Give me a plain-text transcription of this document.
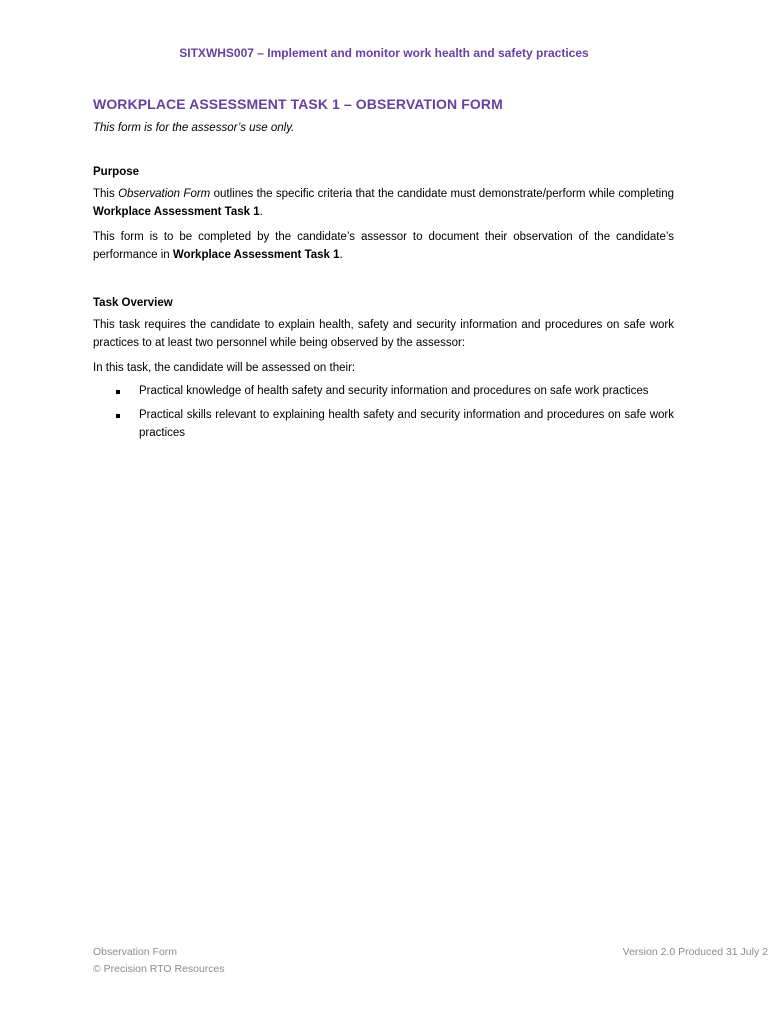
SITXWHS007 – Implement and monitor work health and safety practices
WORKPLACE ASSESSMENT TASK 1 – OBSERVATION FORM

This form is for the assessor’s use only.

Purpose

This Observation Form outlines the specific criteria that the candidate must demonstrate/perform while completing Workplace Assessment Task 1.

This form is to be completed by the candidate’s assessor to document their observation of the candidate’s performance in Workplace Assessment Task 1.

Task Overview

This task requires the candidate to explain health, safety and security information and procedures on safe work practices to at least two personnel while being observed by the assessor:

In this task, the candidate will be assessed on their:

Practical knowledge of health safety and security information and procedures on safe work practices
Practical skills relevant to explaining health safety and security information and procedures on safe work practices
Observation Form
© Precision RTO Resources
Version 2.0 Produced 31 July 2
